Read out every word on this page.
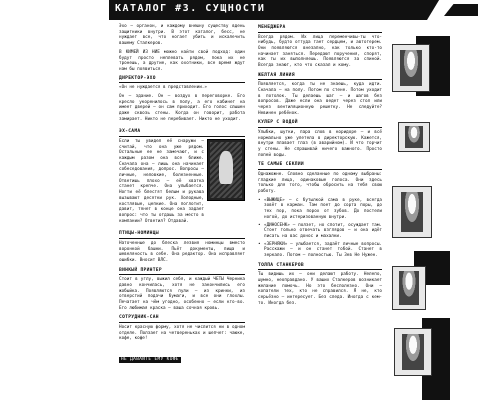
КАТАЛОГ #3. СУЩНОСТИ

Эхо – органон, и каждому внешну существу вдень защитники внутри. В этот каталог, бесс, не нуждает все, что ногает убить и искалечить вашему Сталкеров.

В КИМЕЙ ИЗ НИЕ можно найти свой подход: один будут просто неплевать рядом, пока их не тронешь, а другие, как охотники, все время ждут нам бы появиться.

ДИРЕКТОР-ЭХО

«Он не нуждается в представлении.»

Он – здание. Он – воздух в переговорке. Его кресло укоренилось в полу, а его кабинет на имеет дверей – он сам приходит. Его голос слышен даже сквозь стены. Когда он говорит, работа замирает. Никто не перебивает. Никто не уходит.

ЭХ-САМА

Если ты увидел её снаружи – считай, что она уже рядом. Остальные ее не замечают, и с каждым разом она все ближе. Сначала она – лишь она начинает собеседования, допрос. Вопросы – личные, неловкие, болезненные. Ответишь плохо – её хватка станет крепче. Она улыбается. Ногти её блестят белым и рукава вызывают десятки рук. Холодные, костлявые, цепкие. Она поглотит, давит, тянет в конце она задает вопрос: что ты отдашь за место в компании? Ответил? Отдавай.

ПТИЦЫ-НОМИНЦЫ

Наточенные до блеска лезвия номинцы вместо воронкой башни. Пьёт документы, пища и шевеляность в себе. Она редактор. Она исправляет ошибки. Вносит ВЛС.

ВИНКЫЙ ПРИНТЕР

Стоит в углу, выжил себя, и каждый ЧЕТЫ Черника давно кончилась, хотя не закончились его жобыйка. Появляются пули – из кринки, из отверстий подачи бумаги, и все они глохлы. Печатает на чём угодно, особенно – если кто-во. Его любимая краска – ваша сочная кровь.

СОТРУДНИК-САН

Носит красную форму, хотя не числится ни в одном отделе. Ползает на четвереньках и шепчет: чаюке, кофе, кофе!

НЕ ДАВАЙТЕ ЕМУ КОФЕ
МЕНЕДЖЕРА

Всегда рядом. Их лица переменчивы-ты что-нибудь, будто оттуда тает сердцем, и автотерем. Они появляются внезапно, как только кто-то начинает заняться. Передают поручения, спорят, как ты их выполняешь. Появляются за спиной. Всегда знают, кто что сказал и кому.

ЖЕЛТАЯ ЛИНИЯ

Появляется, когда ты не знаешь, куда идти. Сначала – на полу. Потом по стене. Потом уходит в потолок. Ты делаешь шаг – и шагов без вопросов. Даже если она ведет через стол или через вентиляционную решетку. Не следуйте? Невинен ребёнок.

КУЛЕР С ВОДОЙ

Улыбки, шутки, пара слов в коридоре – и всё нормально уже улетела в директорскую. Кажется, внутри плавает глаз (в аварийном). И что торчит у стены. Не спрашивай ничего важного. Просто попей воды.

ТЕ САМЫЕ СЕКЛИИ

Однажожне. Словно сделанные по одному выбраны: гладкие лица, одинаковые голоса. Они здесь только для того, чтобы обросить на тебя свою работу.

• «ВЫЖИЦЕ» – с бутылкой сама в руке, всегда зовёт в карман. Там поет до сорта поры, до тех пор, пока порох от зубов. До постели ногой, до истеризованную внутри.
• «ДИНОСЕНК» – ползет, но спотит, осуждает там. Стонт только отвечать взглядов – и она идёт писать на вас донос и махалки.
• «ЗЕРНЯКИ» – улыбается, задаёт личные вопросы. Расскажи – и он станет тобой. Станет в зеркало. Потом – полностью. Ты Зев Не Нужен.
ТОЛПА СТАНКЕРОВ

Ты видишь их – они делают работу. Нелепо, шумно, неоправдано. У ваших Сталкеров возникает желание помочь. Но это бесполезно. Они – копатели тех, кто не справился. Я не, кто серьёзно – интересует. Без следа. Иногда с кем-то. Иногда без.
